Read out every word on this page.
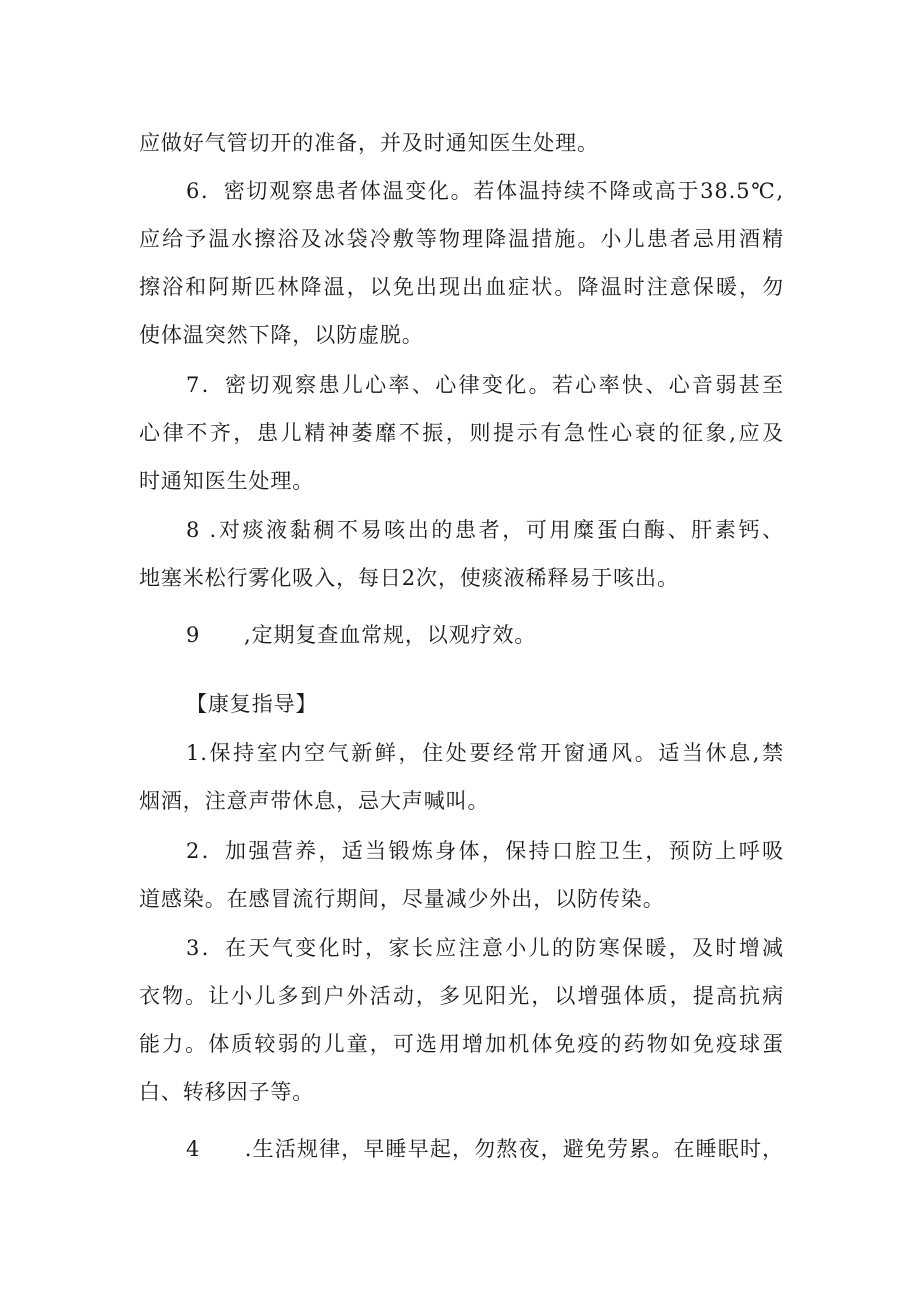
应做好气管切开的准备，并及时通知医生处理。
6．密切观察患者体温变化。若体温持续不降或高于38.5℃,
应给予温水擦浴及冰袋冷敷等物理降温措施。小儿患者忌用酒精
擦浴和阿斯匹林降温，以免出现出血症状。降温时注意保暖，勿
使体温突然下降，以防虚脱。
7．密切观察患儿心率、心律变化。若心率快、心音弱甚至
心律不齐，患儿精神萎靡不振，则提示有急性心衰的征象,应及
时通知医生处理。
8 .对痰液黏稠不易咳出的患者，可用糜蛋白酶、肝素钙、
地塞米松行雾化吸入，每日2次，使痰液稀释易于咳出。
9　　,定期复查血常规，以观疗效。
【康复指导】
1.保持室内空气新鲜，住处要经常开窗通风。适当休息,禁
烟酒，注意声带休息，忌大声喊叫。
2．加强营养，适当锻炼身体，保持口腔卫生，预防上呼吸
道感染。在感冒流行期间，尽量减少外出，以防传染。
3．在天气变化时，家长应注意小儿的防寒保暖，及时增减
衣物。让小儿多到户外活动，多见阳光，以增强体质，提高抗病
能力。体质较弱的儿童，可选用增加机体免疫的药物如免疫球蛋
白、转移因子等。
4　　.生活规律，早睡早起，勿熬夜，避免劳累。在睡眠时，
